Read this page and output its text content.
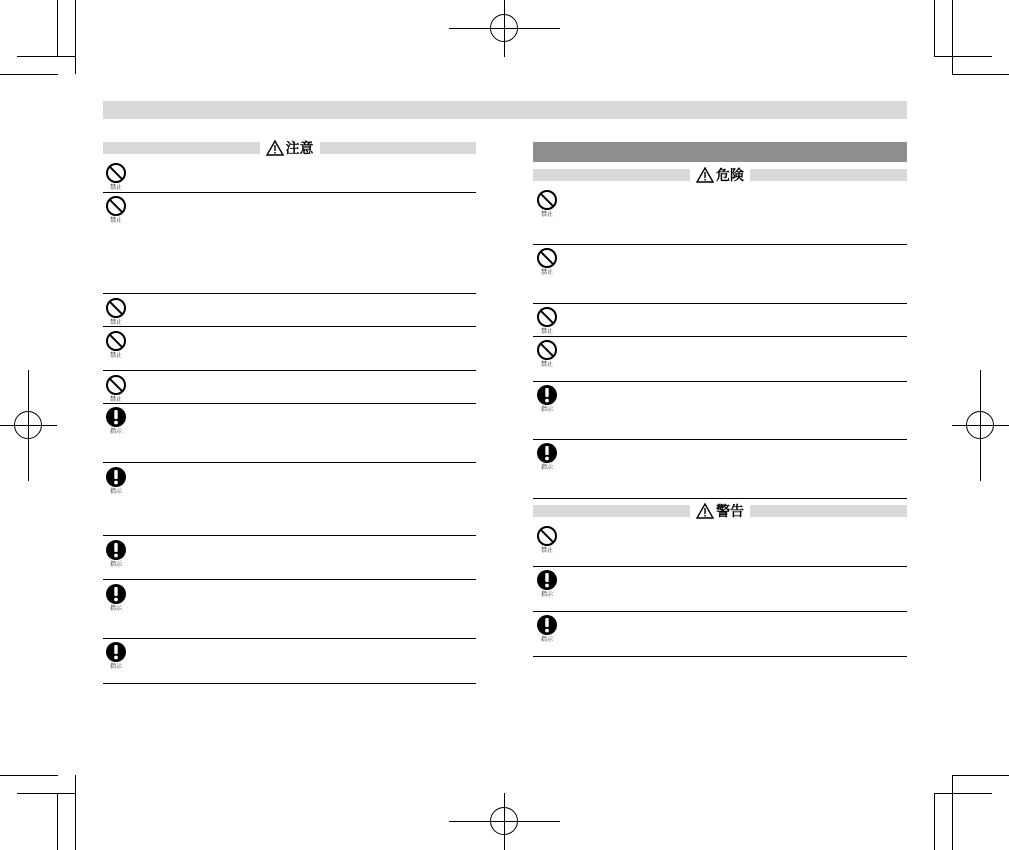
注意
危険
警告
禁止
禁止
禁止
禁止
禁止
指示
指示
指示
指示
指示
禁止
禁止
禁止
禁止
指示
指示
禁止
指示
指示
